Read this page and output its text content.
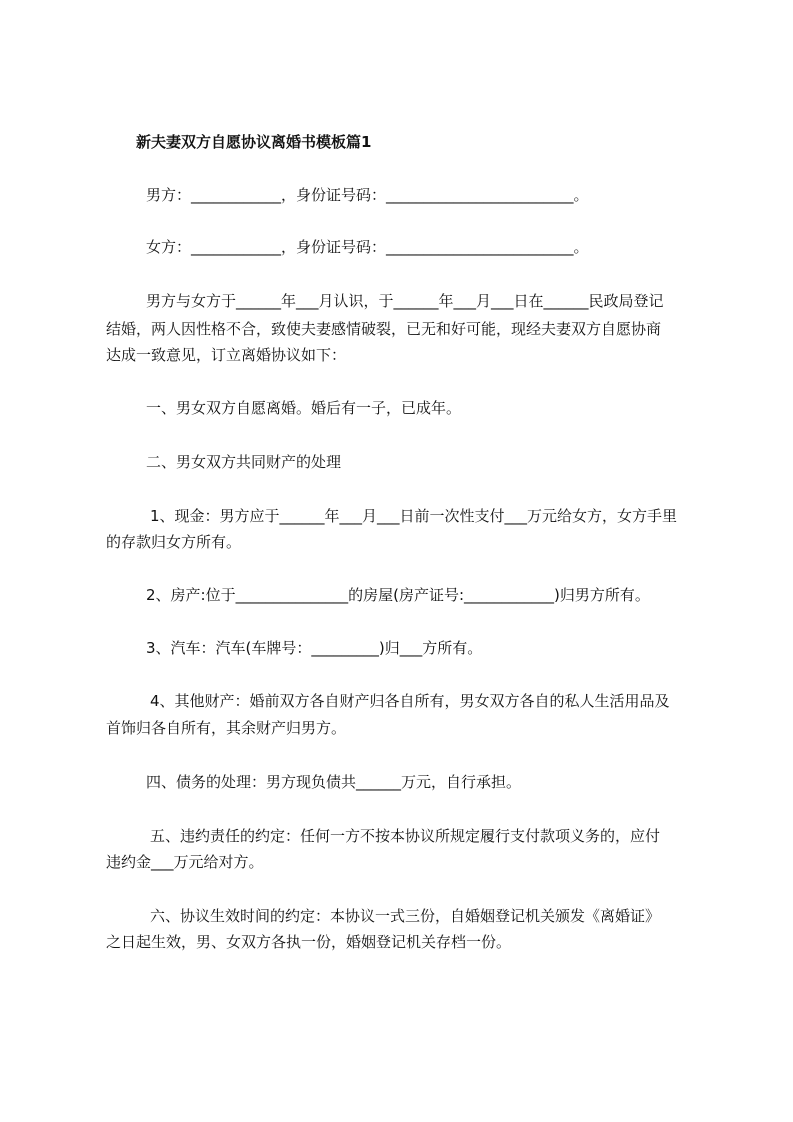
新夫妻双方自愿协议离婚书模板篇1
男方：____________，身份证号码：_________________________。
女方：____________，身份证号码：_________________________。
男方与女方于______年___月认识，于______年___月___日在______民政局登记
结婚，两人因性格不合，致使夫妻感情破裂，已无和好可能，现经夫妻双方自愿协商
达成一致意见，订立离婚协议如下：
一、男女双方自愿离婚。婚后有一子，已成年。
二、男女双方共同财产的处理
1、现金：男方应于______年___月___日前一次性支付___万元给女方，女方手里
的存款归女方所有。
2、房产:位于_______________的房屋(房产证号:____________)归男方所有。
3、汽车：汽车(车牌号：_________)归___方所有。
4、其他财产：婚前双方各自财产归各自所有，男女双方各自的私人生活用品及
首饰归各自所有，其余财产归男方。
四、债务的处理：男方现负债共______万元，自行承担。
五、违约责任的约定：任何一方不按本协议所规定履行支付款项义务的，应付
违约金___万元给对方。
六、协议生效时间的约定：本协议一式三份，自婚姻登记机关颁发《离婚证》
之日起生效，男、女双方各执一份，婚姻登记机关存档一份。
